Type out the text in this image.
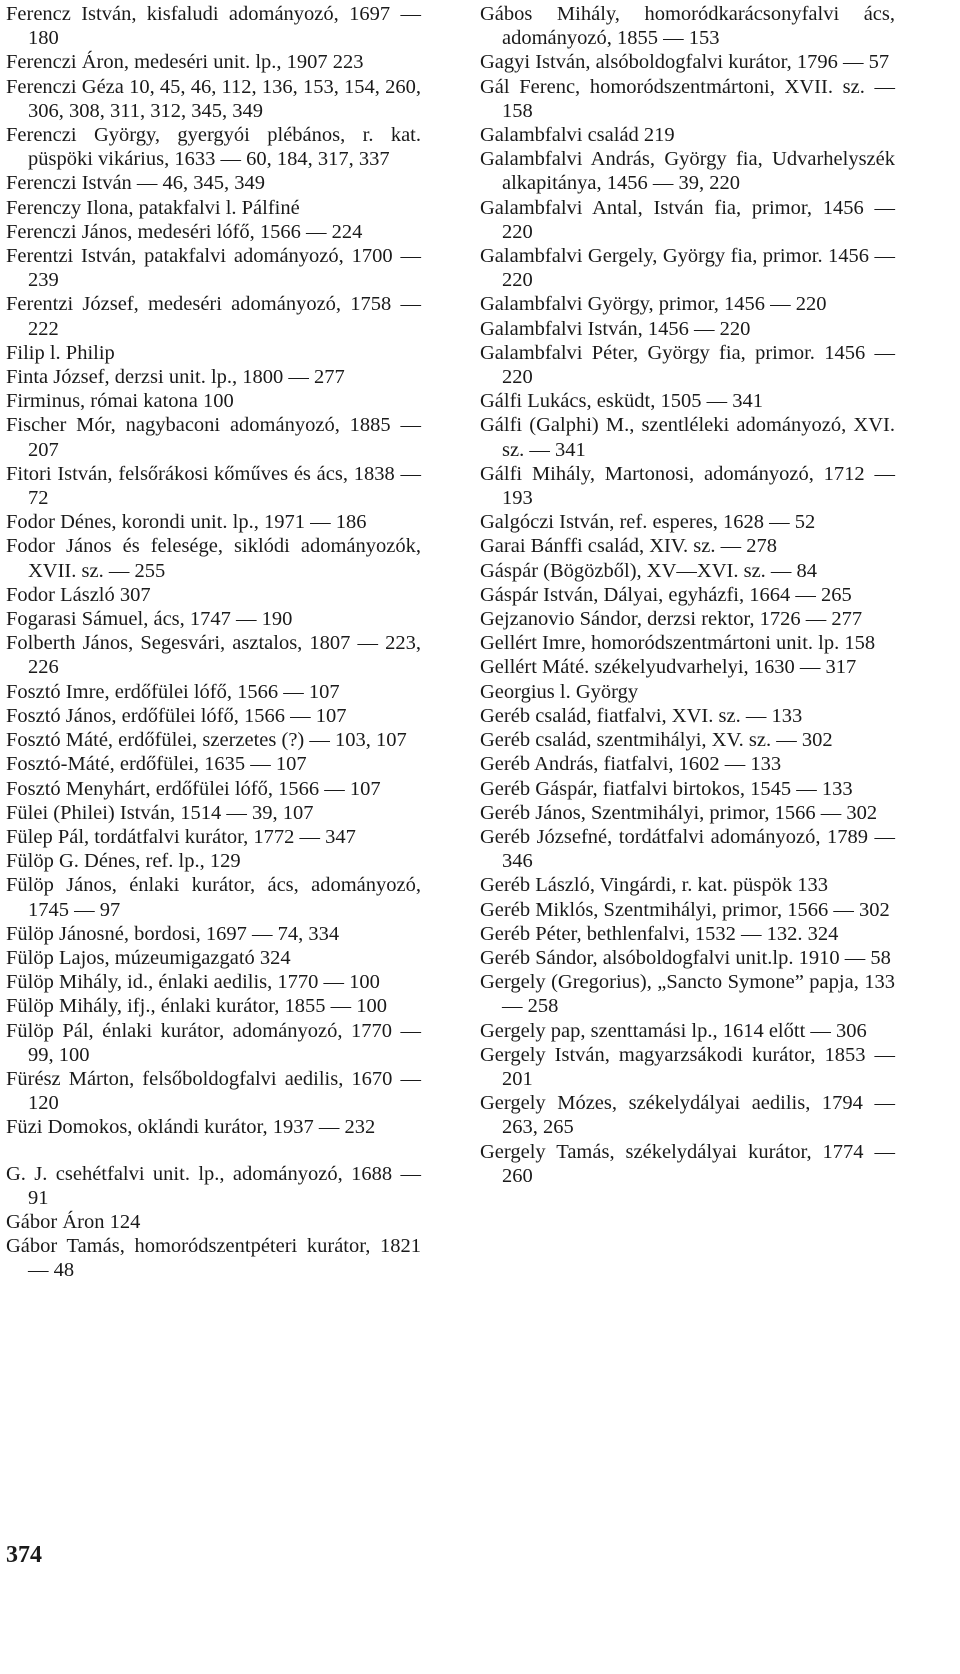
Ferencz István, kisfaludi adományozó, 1697 — 180

Ferenczi Áron, medeséri unit. lp., 1907 223

Ferenczi Géza 10, 45, 46, 112, 136, 153, 154, 260, 306, 308, 311, 312, 345, 349

Ferenczi György, gyergyói plébános, r. kat. püspöki vikárius, 1633 — 60, 184, 317, 337

Ferenczi István — 46, 345, 349

Ferenczy Ilona, patakfalvi l. Pálfiné

Ferenczi János, medeséri lófő, 1566 — 224

Ferentzi István, patakfalvi adományozó, 1700 — 239

Ferentzi József, medeséri adományozó, 1758 — 222

Filip l. Philip

Finta József, derzsi unit. lp., 1800 — 277

Firminus, római katona 100

Fischer Mór, nagybaconi adományozó, 1885 — 207

Fitori István, felsőrákosi kőműves és ács, 1838 — 72

Fodor Dénes, korondi unit. lp., 1971 — 186

Fodor János és felesége, siklódi adományozók, XVII. sz. — 255

Fodor László 307

Fogarasi Sámuel, ács, 1747 — 190

Folberth János, Segesvári, asztalos, 1807 — 223, 226

Fosztó Imre, erdőfülei lófő, 1566 — 107

Fosztó János, erdőfülei lófő, 1566 — 107

Fosztó Máté, erdőfülei, szerzetes (?) — 103, 107

Fosztó-Máté, erdőfülei, 1635 — 107

Fosztó Menyhárt, erdőfülei lófő, 1566 — 107

Fülei (Philei) István, 1514 — 39, 107

Fülep Pál, tordátfalvi kurátor, 1772 — 347

Fülöp G. Dénes, ref. lp., 129

Fülöp János, énlaki kurátor, ács, adományozó, 1745 — 97

Fülöp Jánosné, bordosi, 1697 — 74, 334

Fülöp Lajos, múzeumigazgató 324

Fülöp Mihály, id., énlaki aedilis, 1770 — 100

Fülöp Mihály, ifj., énlaki kurátor, 1855 — 100

Fülöp Pál, énlaki kurátor, adományozó, 1770 — 99, 100

Fürész Márton, felsőboldogfalvi aedilis, 1670 — 120

Füzi Domokos, oklándi kurátor, 1937 — 232

G. J. csehétfalvi unit. lp., adományozó, 1688 — 91

Gábor Áron 124

Gábor Tamás, homoródszentpéteri kurátor, 1821 — 48

Gábos Mihály, homoródkarácsonyfalvi ács, adományozó, 1855 — 153

Gagyi István, alsóboldogfalvi kurátor, 1796 — 57

Gál Ferenc, homoródszentmártoni, XVII. sz. — 158

Galambfalvi család 219

Galambfalvi András, György fia, Udvarhelyszék alkapitánya, 1456 — 39, 220

Galambfalvi Antal, István fia, primor, 1456 — 220

Galambfalvi Gergely, György fia, primor. 1456 — 220

Galambfalvi György, primor, 1456 — 220

Galambfalvi István, 1456 — 220

Galambfalvi Péter, György fia, primor. 1456 — 220

Gálfi Lukács, esküdt, 1505 — 341

Gálfi (Galphi) M., szentléleki adományozó, XVI. sz. — 341

Gálfi Mihály, Martonosi, adományozó, 1712 — 193

Galgóczi István, ref. esperes, 1628 — 52

Garai Bánffi család, XIV. sz. — 278

Gáspár (Bögözből), XV—XVI. sz. — 84

Gáspár István, Dályai, egyházfi, 1664 — 265

Gejzanovio Sándor, derzsi rektor, 1726 — 277

Gellért Imre, homoródszentmártoni unit. lp. 158

Gellért Máté. székelyudvarhelyi, 1630 — 317

Georgius l. György

Geréb család, fiatfalvi, XVI. sz. — 133

Geréb család, szentmihályi, XV. sz. — 302

Geréb András, fiatfalvi, 1602 — 133

Geréb Gáspár, fiatfalvi birtokos, 1545 — 133

Geréb János, Szentmihályi, primor, 1566 — 302

Geréb Józsefné, tordátfalvi adományozó, 1789 — 346

Geréb László, Vingárdi, r. kat. püspök 133

Geréb Miklós, Szentmihályi, primor, 1566 — 302

Geréb Péter, bethlenfalvi, 1532 — 132. 324

Geréb Sándor, alsóboldogfalvi unit.lp. 1910 — 58

Gergely (Gregorius), „Sancto Symone” papja, 133 — 258

Gergely pap, szenttamási lp., 1614 előtt — 306

Gergely István, magyarzsákodi kurátor, 1853 — 201

Gergely Mózes, székelydályai aedilis, 1794 — 263, 265

Gergely Tamás, székelydályai kurátor, 1774 — 260

374
